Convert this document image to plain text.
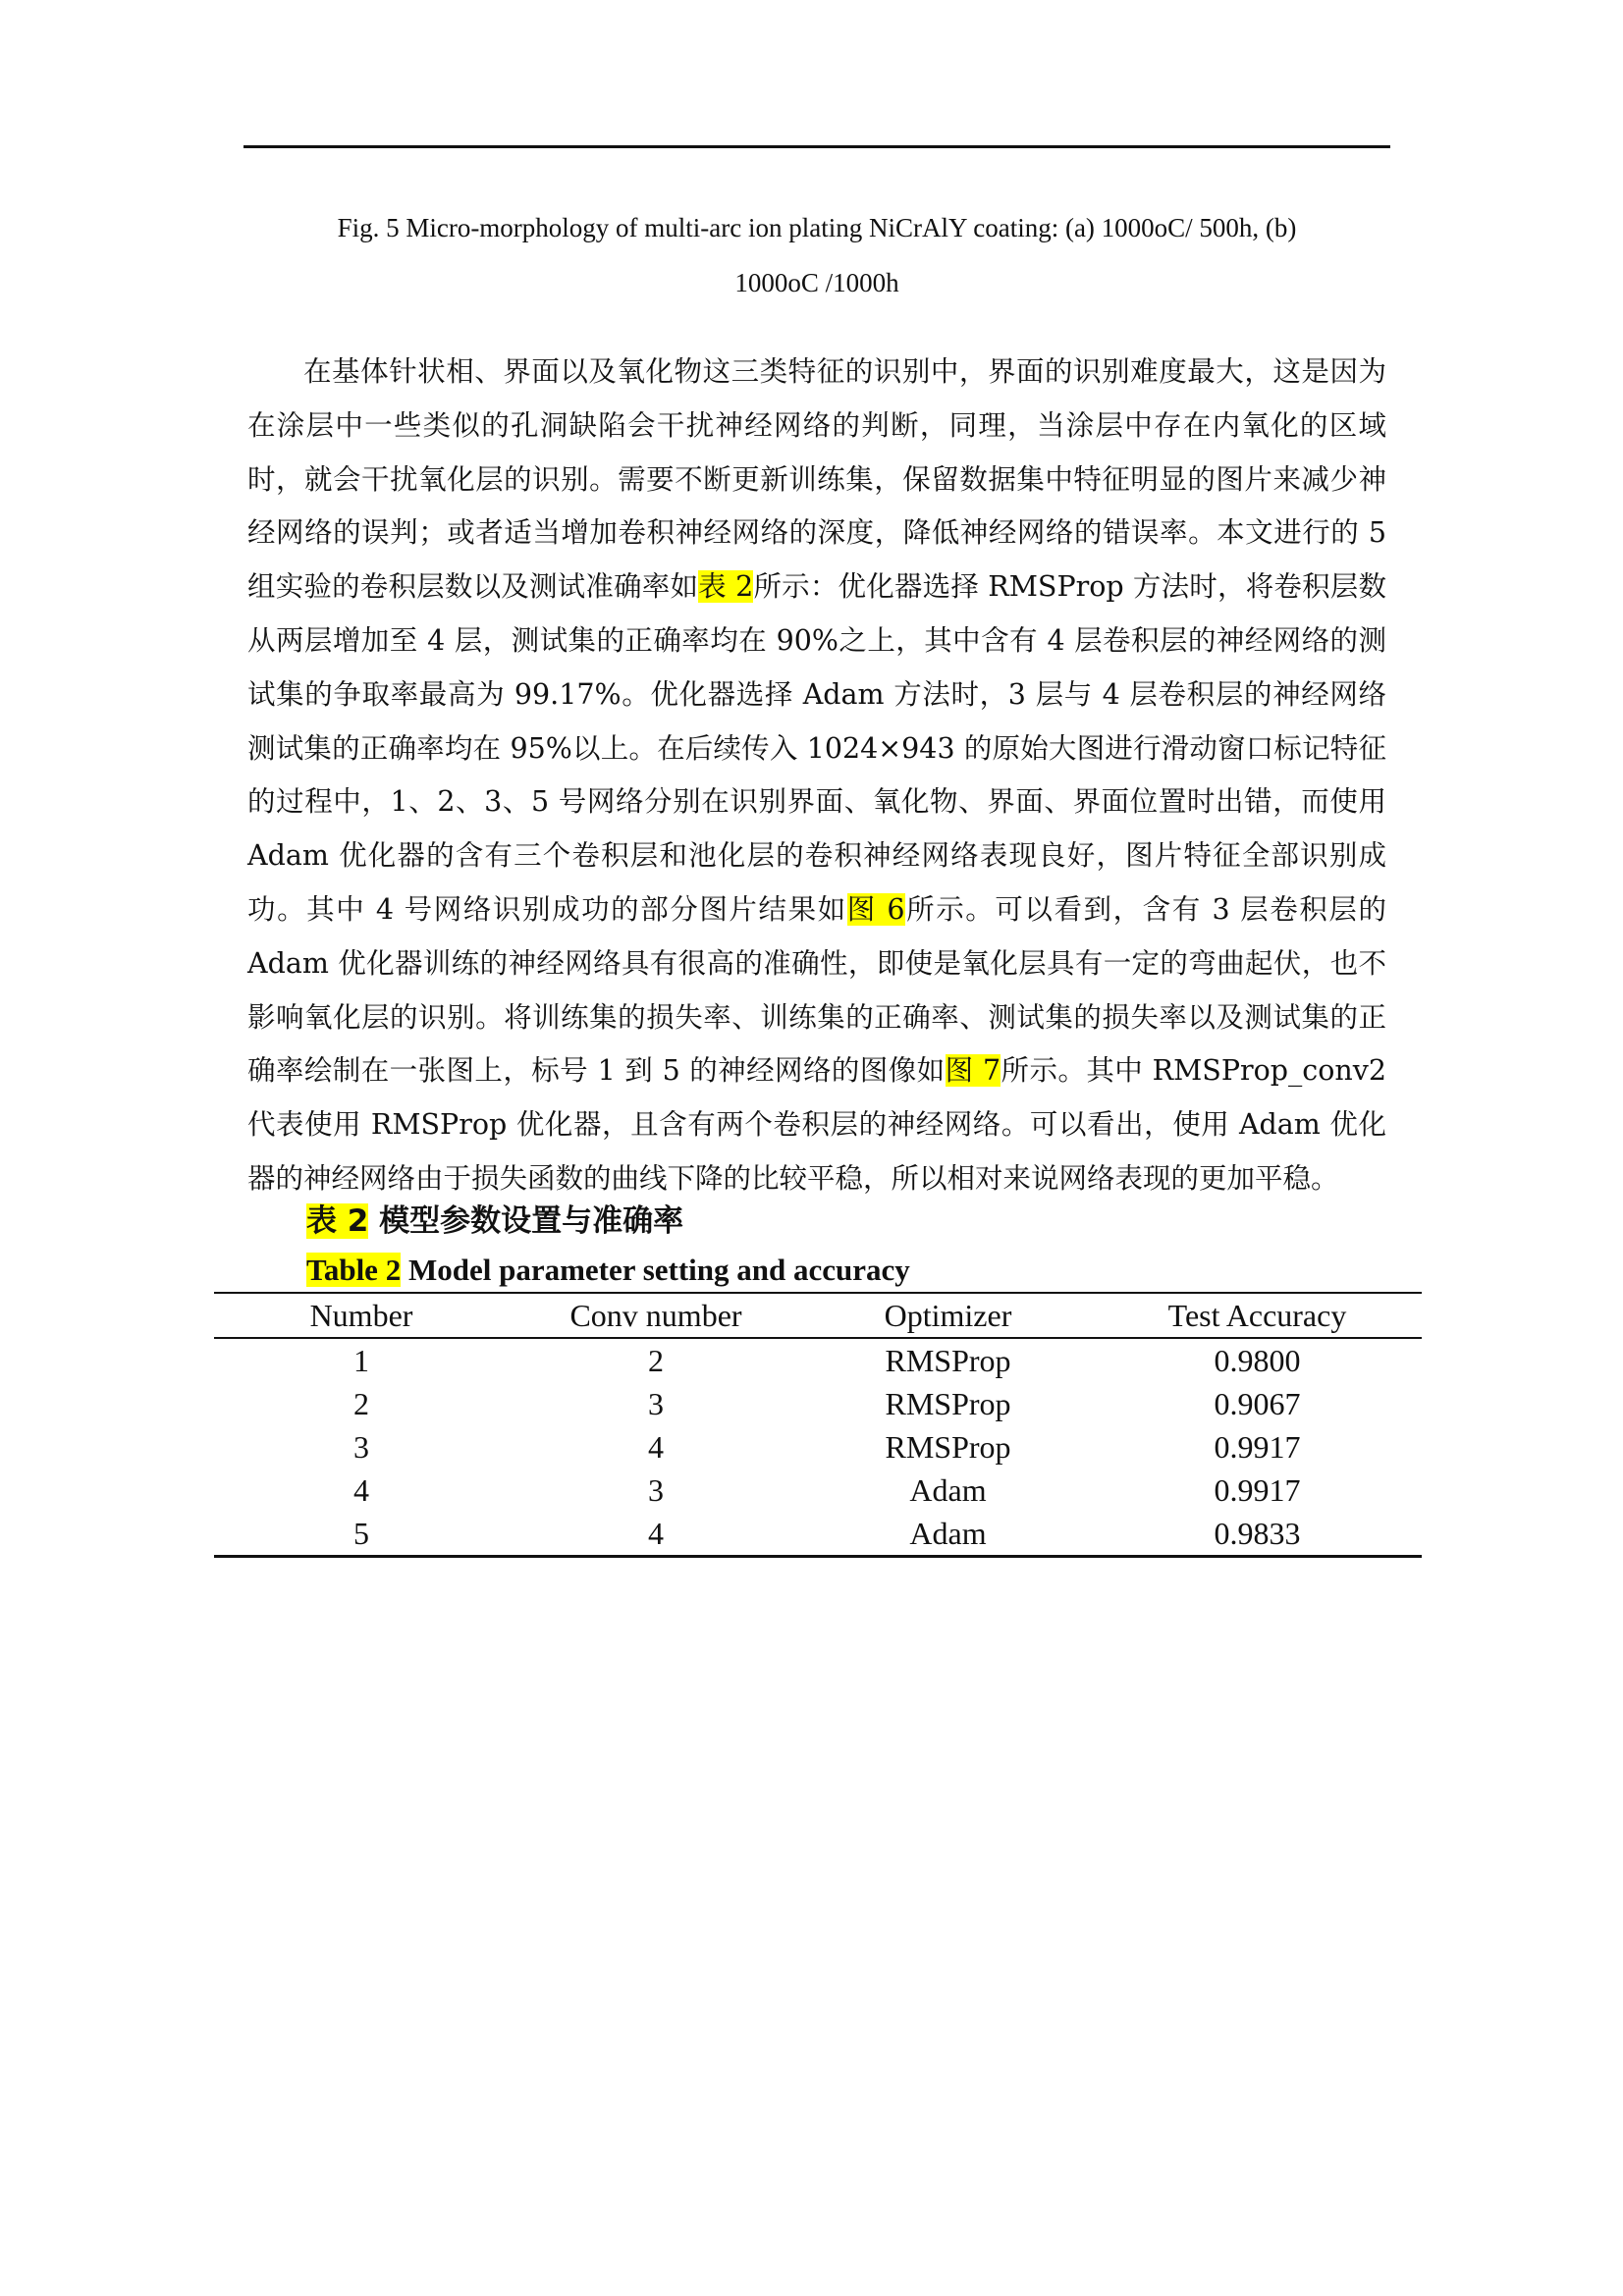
Fig. 5 Micro-morphology of multi-arc ion plating NiCrAlY coating: (a) 1000oC/ 500h, (b)
1000oC /1000h

在基体针状相、界面以及氧化物这三类特征的识别中，界面的识别难度最大，这是因为在涂层中一些类似的孔洞缺陷会干扰神经网络的判断，同理，当涂层中存在内氧化的区域时，就会干扰氧化层的识别。需要不断更新训练集，保留数据集中特征明显的图片来减少神经网络的误判；或者适当增加卷积神经网络的深度，降低神经网络的错误率。本文进行的 5 组实验的卷积层数以及测试准确率如表 2所示：优化器选择 RMSProp 方法时，将卷积层数从两层增加至 4 层，测试集的正确率均在 90%之上，其中含有 4 层卷积层的神经网络的测试集的争取率最高为 99.17%。优化器选择 Adam 方法时，3 层与 4 层卷积层的神经网络测试集的正确率均在 95%以上。在后续传入 1024×943 的原始大图进行滑动窗口标记特征的过程中，1、2、3、5 号网络分别在识别界面、氧化物、界面、界面位置时出错，而使用 Adam 优化器的含有三个卷积层和池化层的卷积神经网络表现良好，图片特征全部识别成功。其中 4 号网络识别成功的部分图片结果如图 6所示。可以看到，含有 3 层卷积层的 Adam 优化器训练的神经网络具有很高的准确性，即使是氧化层具有一定的弯曲起伏，也不影响氧化层的识别。将训练集的损失率、训练集的正确率、测试集的损失率以及测试集的正确率绘制在一张图上，标号 1 到 5 的神经网络的图像如图 7所示。其中 RMSProp_conv2 代表使用 RMSProp 优化器，且含有两个卷积层的神经网络。可以看出，使用 Adam 优化器的神经网络由于损失函数的曲线下降的比较平稳，所以相对来说网络表现的更加平稳。

表 2 模型参数设置与准确率
Table 2 Model parameter setting and accuracy
Number	Conv number	Optimizer	Test Accuracy
1	2	RMSProp	0.9800
2	3	RMSProp	0.9067
3	4	RMSProp	0.9917
4	3	Adam	0.9917
5	4	Adam	0.9833
